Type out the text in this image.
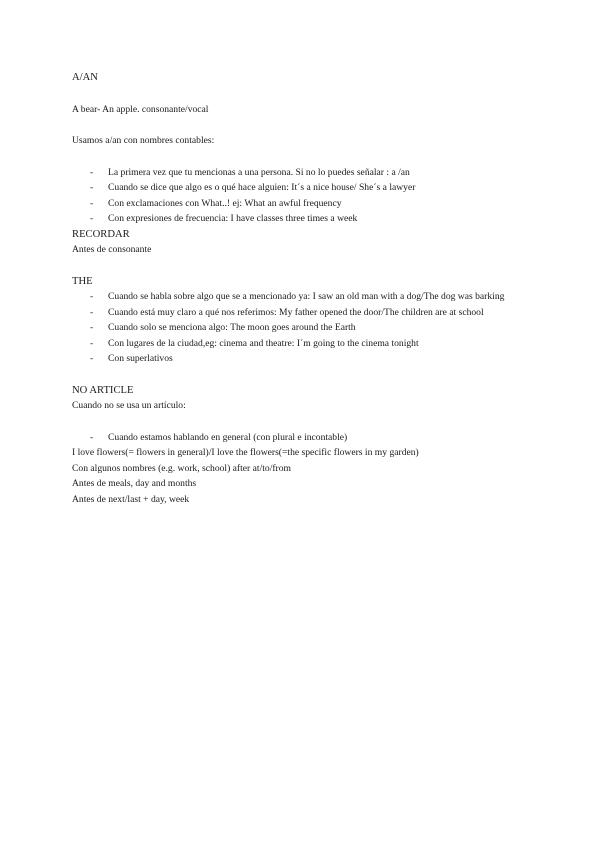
A/AN
A bear- An apple. consonante/vocal
Usamos a/an con nombres contables:
- La primera vez que tu mencionas a una persona. Si no lo puedes señalar : a /an
- Cuando se dice que algo es o qué hace alguien: It´s a nice house/ She´s a lawyer
- Con exclamaciones con What..! ej: What an awful frequency
- Con expresiones de frecuencia: I have classes three times a week
RECORDAR
Antes de consonante
THE
- Cuando se habla sobre algo que se a mencionado ya: I saw an old man with a dog/The dog was barking
- Cuando está muy claro a qué nos referimos: My father opened the door/The children are at school
- Cuando solo se menciona algo: The moon goes around the Earth
- Con lugares de la ciudad,eg: cinema and theatre: I´m going to the cinema tonight
- Con superlativos
NO ARTICLE
Cuando no se usa un artículo:
- Cuando estamos hablando en general (con plural e incontable)
I love flowers(= flowers in general)/I love the flowers(=the specific flowers in my garden)
Con algunos nombres (e.g. work, school) after at/to/from
Antes de meals, day and months
Antes de next/last + day, week
